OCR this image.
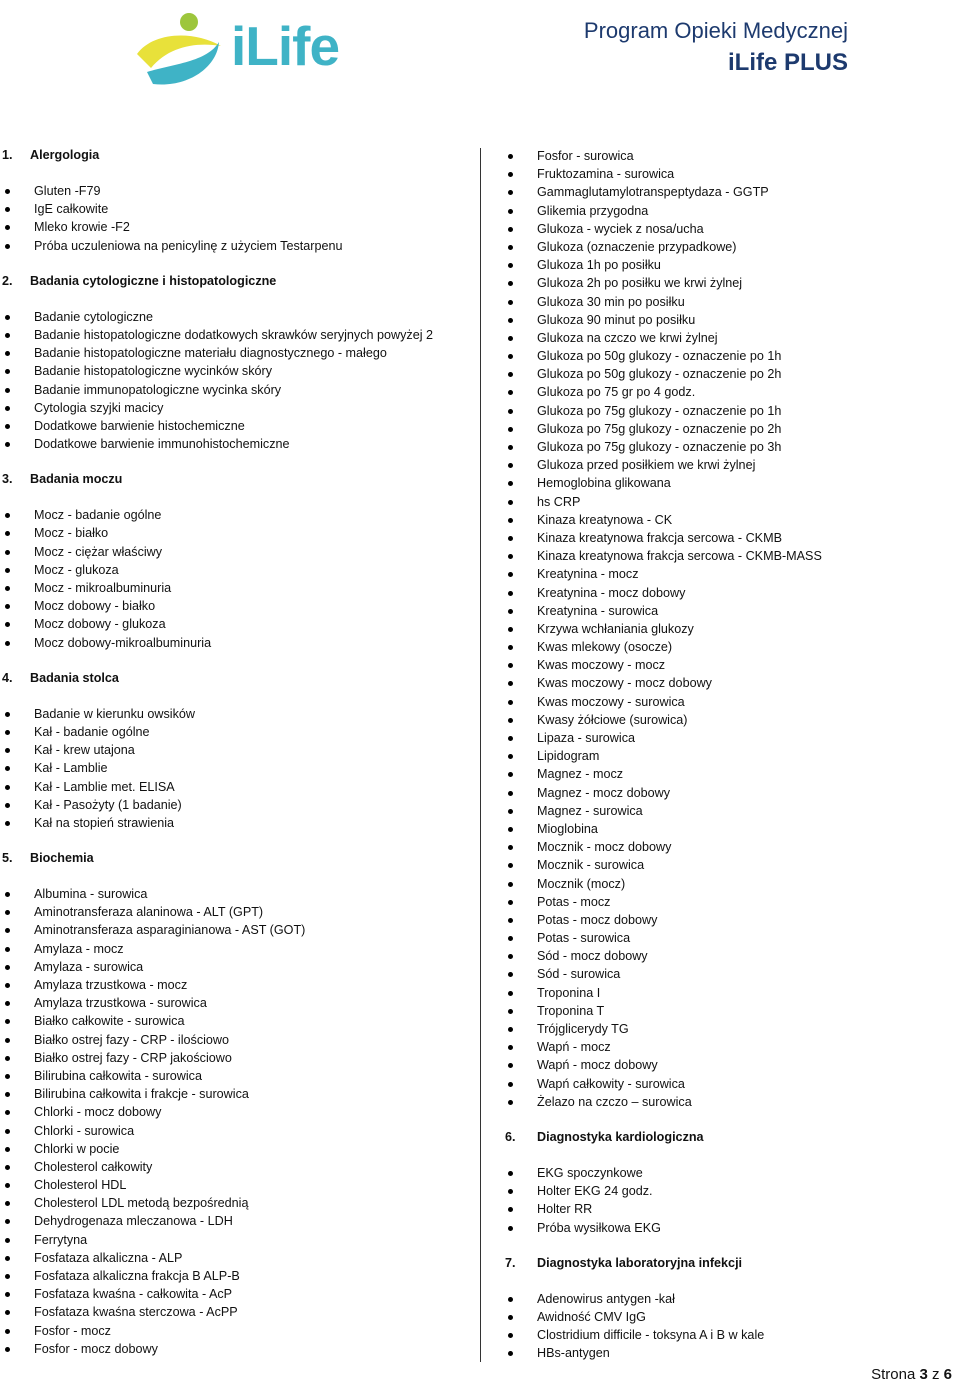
iLife	Program Opieki Medycznej
iLife PLUS
1.	Alergologia
Gluten -F79
IgE całkowite
Mleko krowie -F2
Próba uczuleniowa na penicylinę z użyciem Testarpenu
2.	Badania cytologiczne i histopatologiczne
Badanie cytologiczne
Badanie histopatologiczne dodatkowych skrawków seryjnych powyżej 2
Badanie histopatologiczne materiału diagnostycznego - małego
Badanie histopatologiczne wycinków skóry
Badanie immunopatologiczne wycinka skóry
Cytologia szyjki macicy
Dodatkowe barwienie histochemiczne
Dodatkowe barwienie immunohistochemiczne
3.	Badania moczu
Mocz - badanie ogólne
Mocz - białko
Mocz - ciężar właściwy
Mocz - glukoza
Mocz - mikroalbuminuria
Mocz dobowy - białko
Mocz dobowy - glukoza
Mocz dobowy-mikroalbuminuria
4.	Badania stolca
Badanie w kierunku owsików
Kał - badanie ogólne
Kał - krew utajona
Kał - Lamblie
Kał - Lamblie met. ELISA
Kał - Pasożyty (1 badanie)
Kał na stopień strawienia
5.	Biochemia
Albumina - surowica
Aminotransferaza alaninowa - ALT (GPT)
Aminotransferaza asparaginianowa - AST (GOT)
Amylaza - mocz
Amylaza - surowica
Amylaza trzustkowa - mocz
Amylaza trzustkowa - surowica
Białko całkowite - surowica
Białko ostrej fazy - CRP - ilościowo
Białko ostrej fazy - CRP jakościowo
Bilirubina całkowita - surowica
Bilirubina całkowita i frakcje - surowica
Chlorki - mocz dobowy
Chlorki - surowica
Chlorki w pocie
Cholesterol całkowity
Cholesterol HDL
Cholesterol LDL metodą bezpośrednią
Dehydrogenaza mleczanowa - LDH
Ferrytyna
Fosfataza alkaliczna - ALP
Fosfataza alkaliczna frakcja B ALP-B
Fosfataza kwaśna - całkowita - AcP
Fosfataza kwaśna sterczowa - AcPP
Fosfor - mocz
Fosfor - mocz dobowy
Fosfor - surowica
Fruktozamina - surowica
Gammaglutamylotranspeptydaza - GGTP
Glikemia przygodna
Glukoza - wyciek z nosa/ucha
Glukoza (oznaczenie przypadkowe)
Glukoza 1h po posiłku
Glukoza 2h po posiłku we krwi żylnej
Glukoza 30 min po posiłku
Glukoza 90 minut po posiłku
Glukoza na czczo we krwi żylnej
Glukoza po 50g glukozy - oznaczenie po 1h
Glukoza po 50g glukozy - oznaczenie po 2h
Glukoza po 75 gr po 4 godz.
Glukoza po 75g glukozy - oznaczenie po 1h
Glukoza po 75g glukozy - oznaczenie po 2h
Glukoza po 75g glukozy - oznaczenie po 3h
Glukoza przed posiłkiem we krwi żylnej
Hemoglobina glikowana
hs CRP
Kinaza kreatynowa - CK
Kinaza kreatynowa frakcja sercowa - CKMB
Kinaza kreatynowa frakcja sercowa - CKMB-MASS
Kreatynina - mocz
Kreatynina - mocz dobowy
Kreatynina - surowica
Krzywa wchłaniania glukozy
Kwas mlekowy (osocze)
Kwas moczowy - mocz
Kwas moczowy - mocz dobowy
Kwas moczowy - surowica
Kwasy żółciowe (surowica)
Lipaza - surowica
Lipidogram
Magnez - mocz
Magnez - mocz dobowy
Magnez - surowica
Mioglobina
Mocznik - mocz dobowy
Mocznik - surowica
Mocznik (mocz)
Potas - mocz
Potas - mocz dobowy
Potas - surowica
Sód - mocz dobowy
Sód - surowica
Troponina I
Troponina T
Trójglicerydy TG
Wapń - mocz
Wapń - mocz dobowy
Wapń całkowity - surowica
Żelazo na czczo – surowica
6.	Diagnostyka kardiologiczna
EKG spoczynkowe
Holter EKG 24 godz.
Holter RR
Próba wysiłkowa EKG
7.	Diagnostyka laboratoryjna infekcji
Adenowirus antygen -kał
Awidność CMV IgG
Clostridium difficile - toksyna A i B w kale
HBs-antygen
Strona 3 z 6
